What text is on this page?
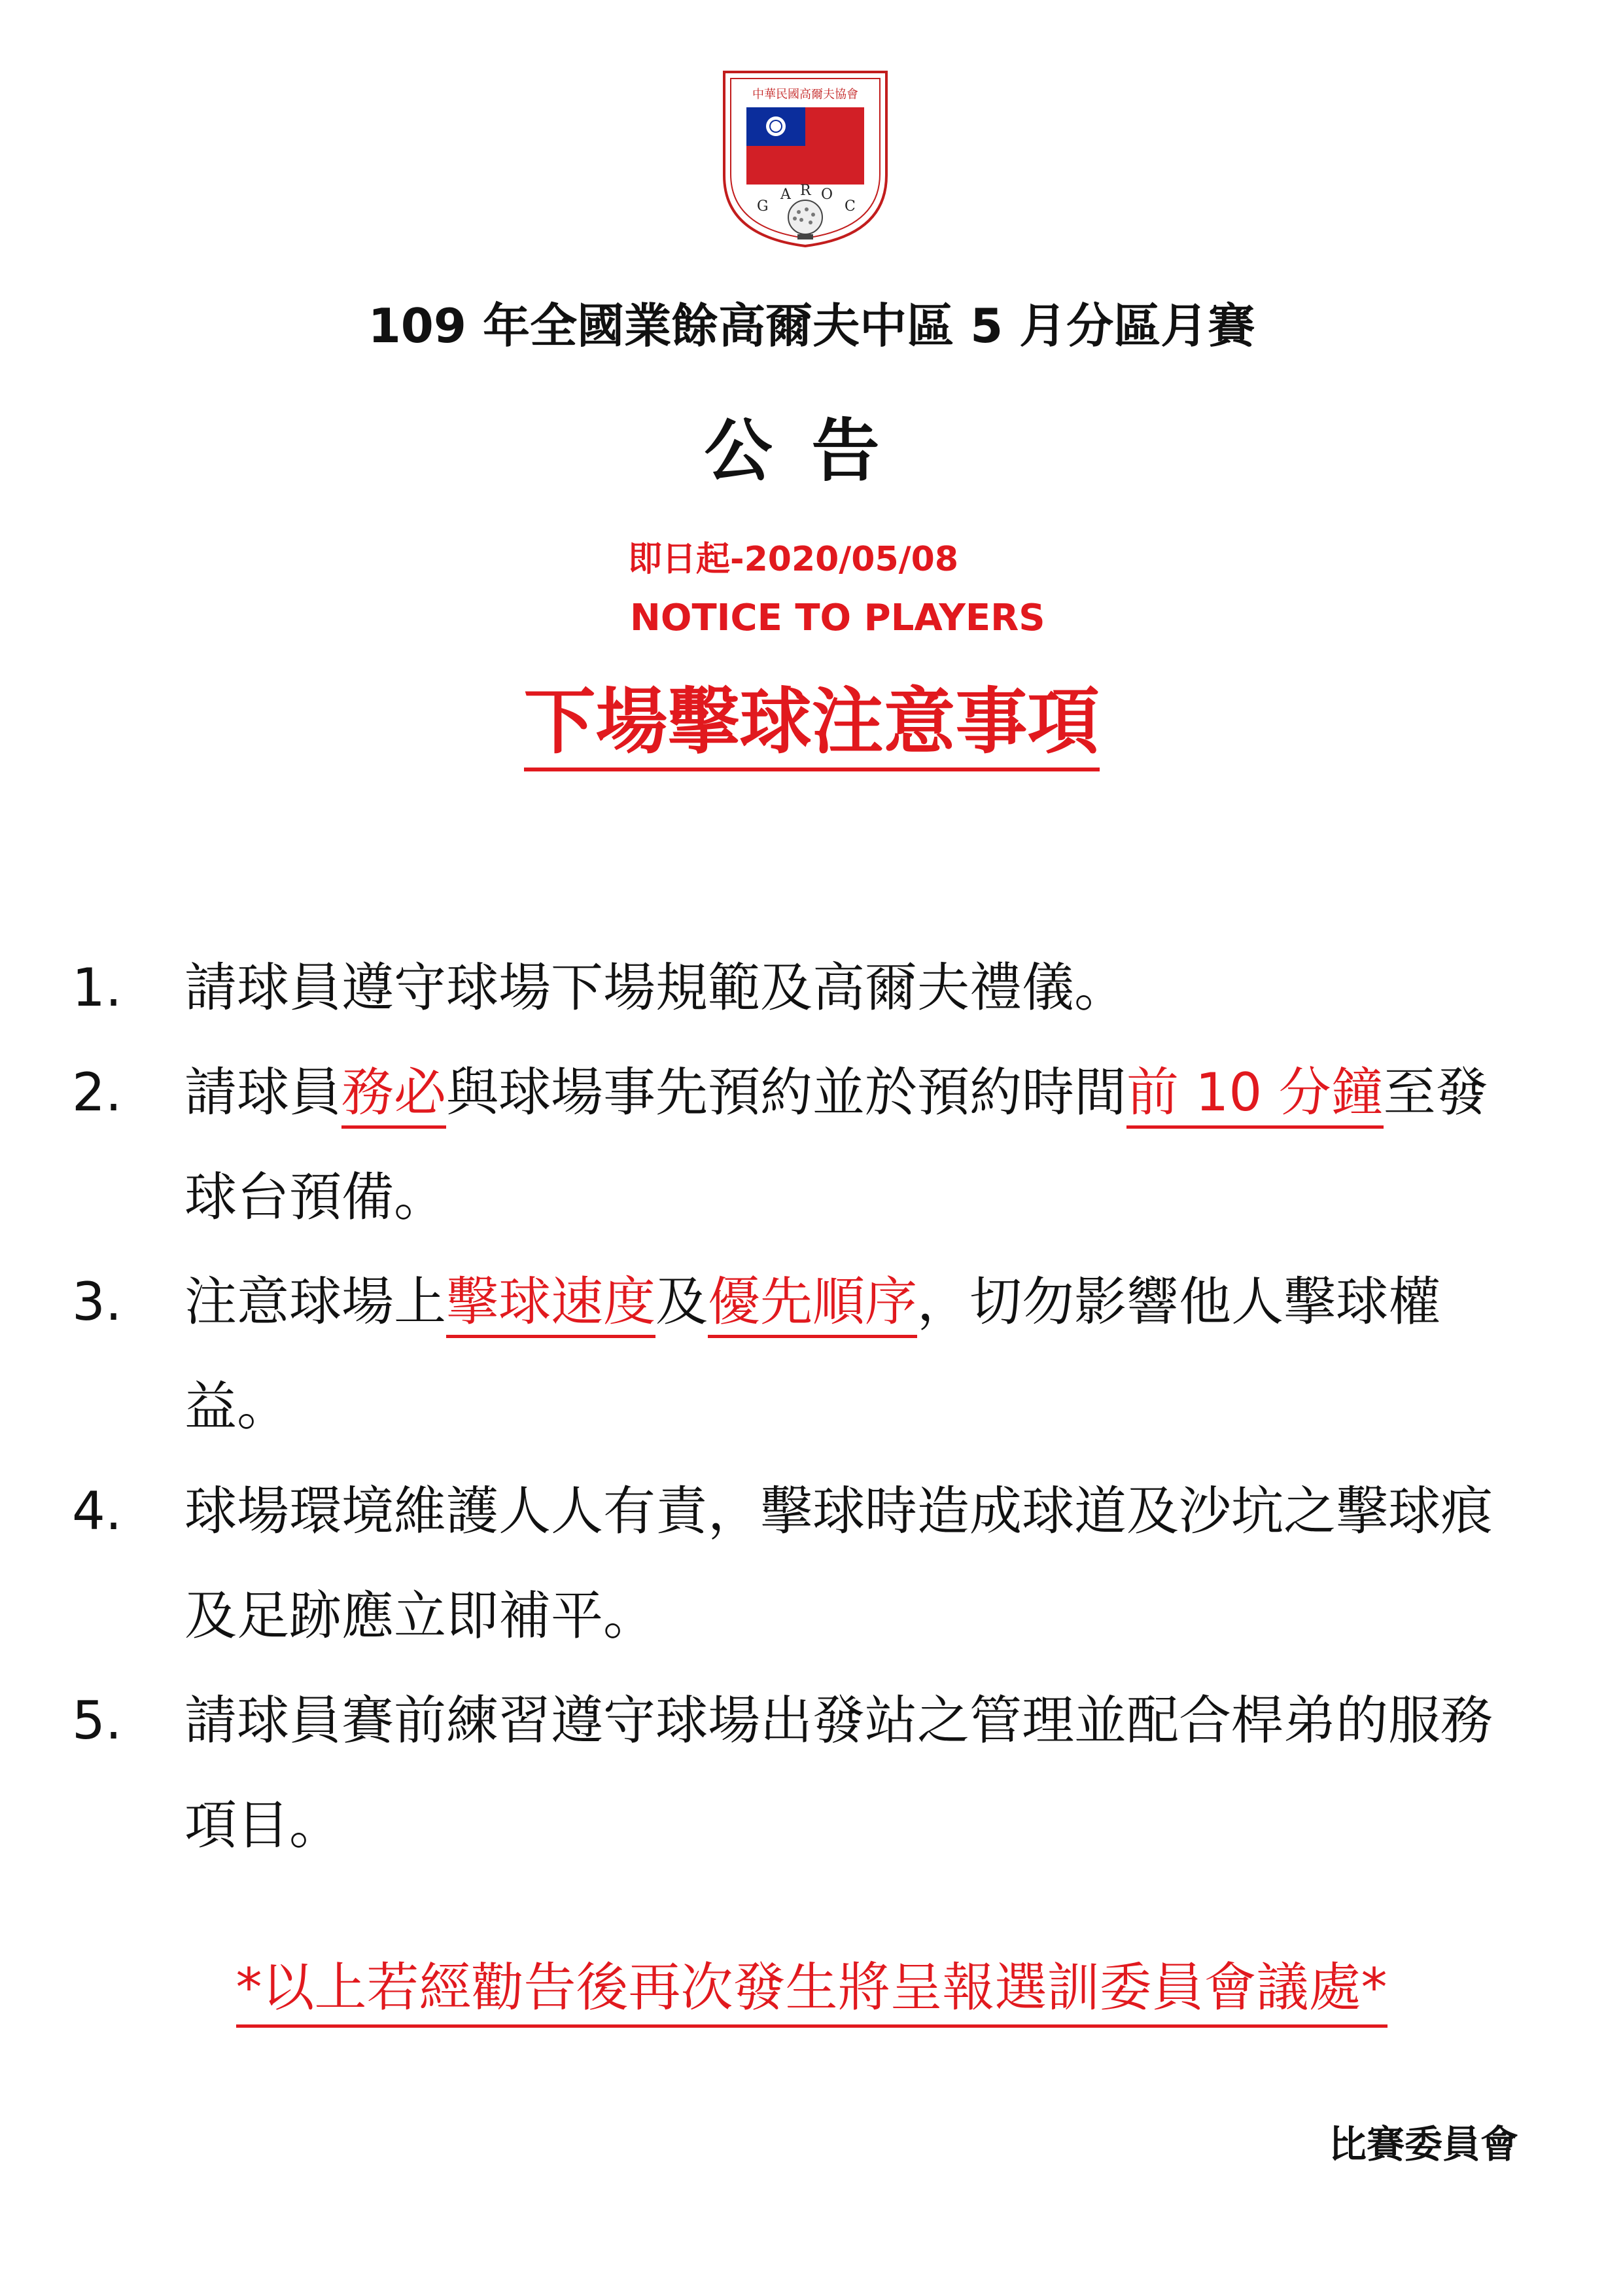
中華民國高爾夫協會
G
A R O
C
109 年全國業餘高爾夫中區 5 月分區月賽
公告
即日起-2020/05/08
NOTICE TO PLAYERS
下場擊球注意事項
1.	請球員遵守球場下場規範及高爾夫禮儀。
2.	請球員務必與球場事先預約並於預約時間前 10 分鐘至發球台預備。
3.	注意球場上擊球速度及優先順序，切勿影響他人擊球權益。
4.	球場環境維護人人有責，擊球時造成球道及沙坑之擊球痕及足跡應立即補平。
5.	請球員賽前練習遵守球場出發站之管理並配合桿弟的服務項目。
*以上若經勸告後再次發生將呈報選訓委員會議處*
比賽委員會
